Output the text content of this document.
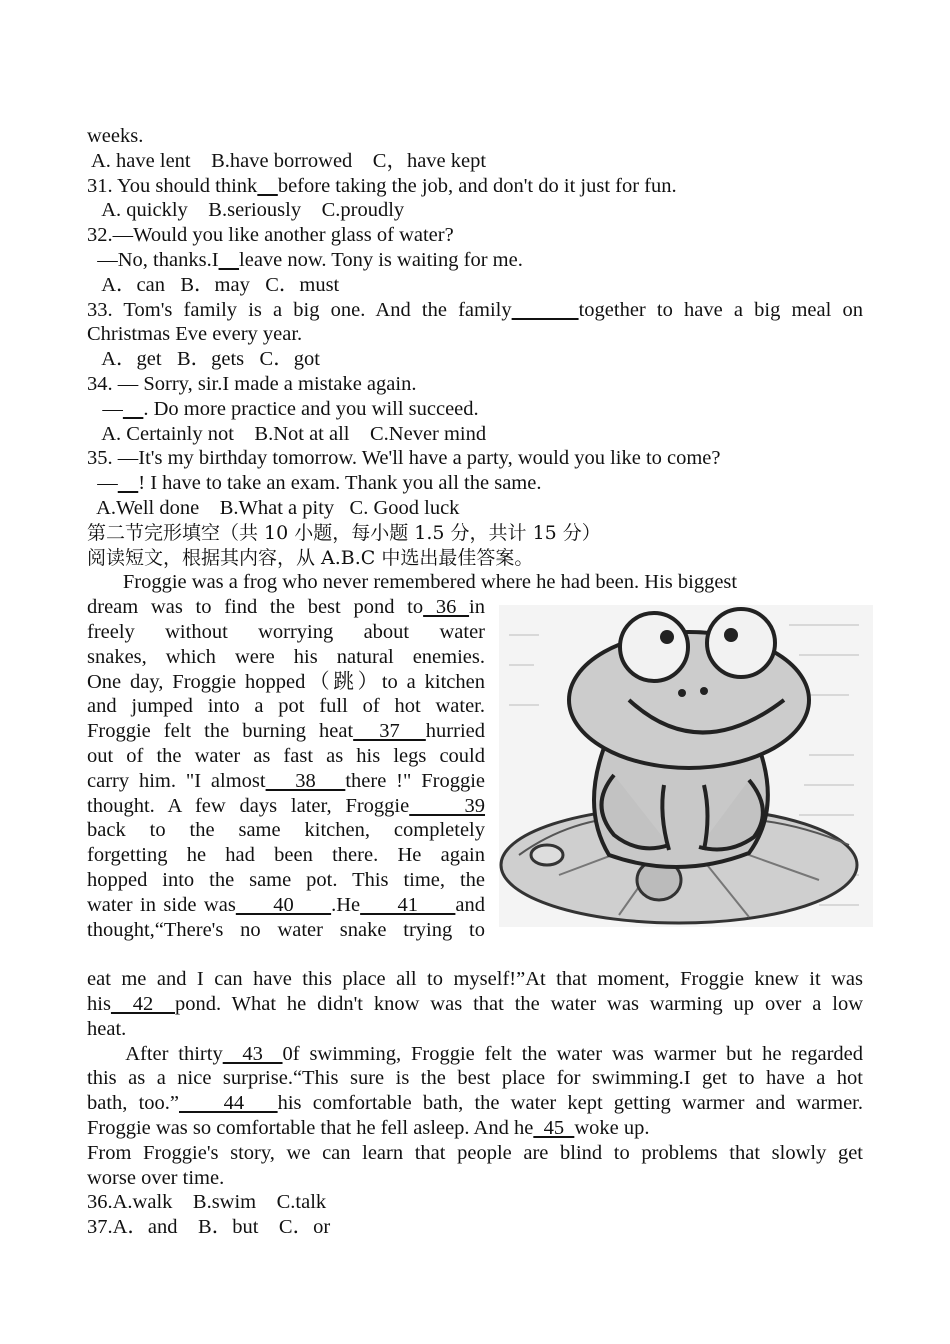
weeks.
A. have lent    B.have borrowed    C，have kept
31. You should think before taking the job, and don't do it just for fun.
A. quickly    B.seriously    C.proudly
32.—Would you like another glass of water?
—No, thanks.I leave now. Tony is waiting for me.
A．can   B．may   C．must
33. Tom's family is a big one. And the family	together to have a big meal on
Christmas Eve every year.
A．get   B．gets   C．got
34. — Sorry, sir.I made a mistake again.
— . Do more practice and you will succeed.
A. Certainly not    B.Not at all    C.Never mind
35. —It's my birthday tomorrow. We'll have a party, would you like to come?
— ! I have to take an exam. Thank you all the same.
A.Well done    B.What a pity   C. Good luck
第二节完形填空（共 10 小题，每小题 1.5 分，共计 15 分）
阅读短文，根据其内容，从 A.B.C 中选出最佳答案。
Froggie was a frog who never remembered where he had been. His biggest
dream was to find the best pond to 36 in
freely without worrying about water
snakes, which were his natural enemies.
One day, Froggie hopped（跳）to a kitchen
and jumped into a pot full of hot water.
Froggie felt the burning heat  37  hurried
out of the water as fast as his legs could
carry him. "I almost   38   there !" Froggie
thought. A few days later, Froggie    39
back to the same kitchen, completely
forgetting he had been there. He again
hopped into the same pot. This time, the
water in side was     40     .He     41     and
thought,“There's no water snake trying to
eat me and I can have this place all to myself!”At that moment, Froggie knew it was
his  42  pond. What he didn't know was that the water was warming up over a low
heat.
After thirty  43  0f swimming, Froggie felt the water was warmer but he regarded
this as a nice surprise.“This sure is the best place for swimming.I get to have a hot
bath, too.”    44   his comfortable bath, the water kept getting warmer and warmer.
Froggie was so comfortable that he fell asleep. And he  45  woke up.
From Froggie's story, we can learn that people are blind to problems that slowly get
worse over time.
36.A.walk    B.swim    C.talk
37.A．and    B．but    C．or
